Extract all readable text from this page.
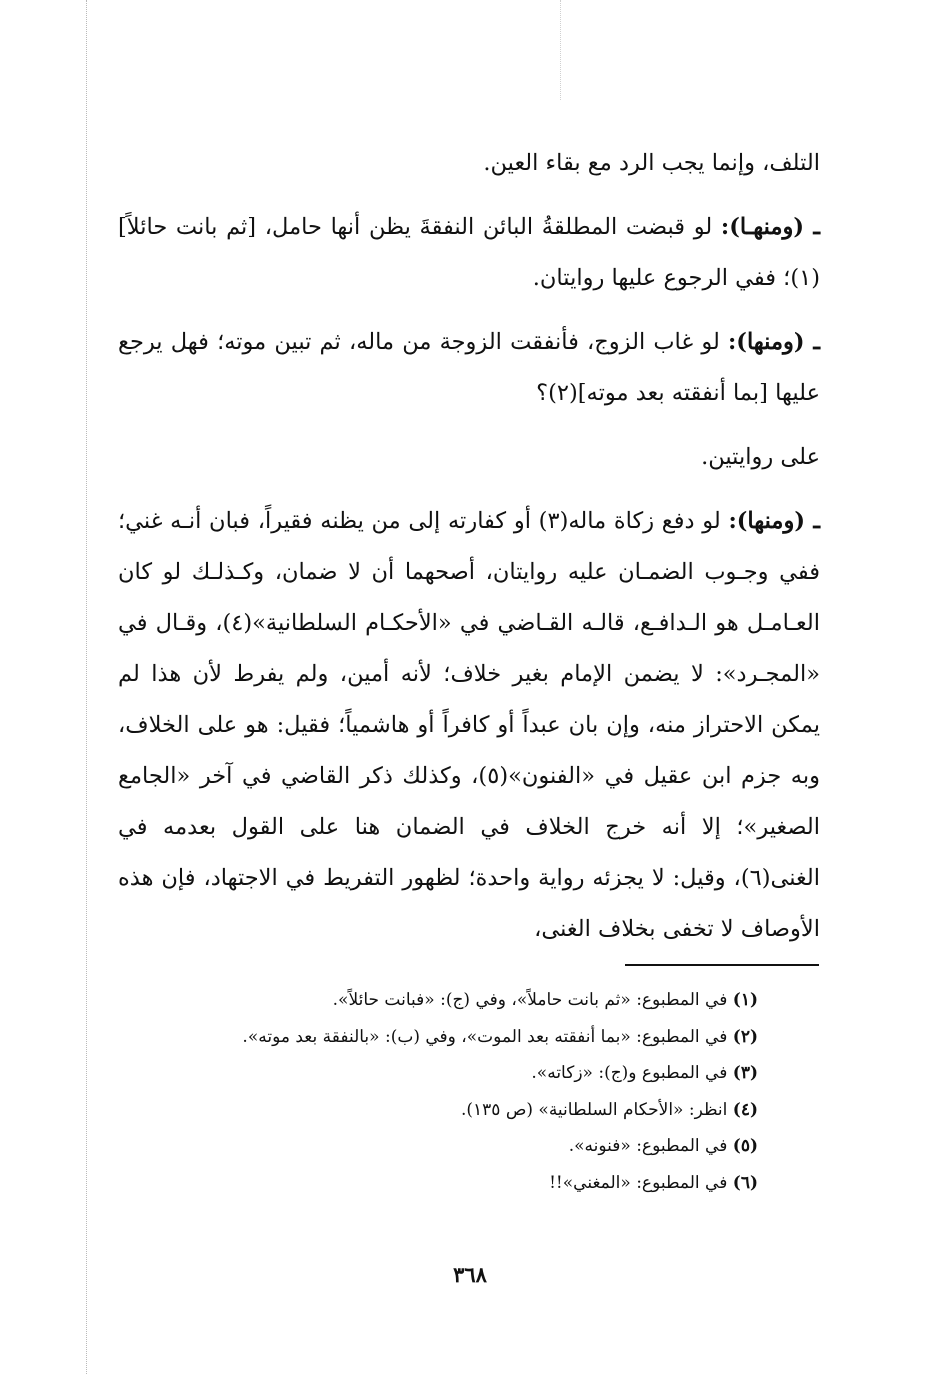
التلف، وإنما يجب الرد مع بقاء العين.

ـ (ومنهـا): لو قبضت المطلقةُ البائن النفقةَ يظن أنها حامل، [ثم بانت حائلاً](١)؛ ففي الرجوع عليها روايتان.

ـ (ومنها): لو غاب الزوج، فأنفقت الزوجة من ماله، ثم تبين موته؛ فهل يرجع عليها [بما أنفقته بعد موته](٢)؟

على روايتين.

ـ (ومنها): لو دفع زكاة ماله(٣) أو كفارته إلى من يظنه فقيراً، فبان أنـه غني؛ ففي وجـوب الضمـان عليه روايتان، أصحهما أن لا ضمان، وكـذلـك لو كان العـامـل هو الـدافـع، قالـه القـاضي في «الأحكـام السلطانية»(٤)، وقـال في «المجـرد»: لا يضمن الإمام بغير خلاف؛ لأنه أمين، ولم يفرط لأن هذا لم يمكن الاحتراز منه، وإن بان عبداً أو كافراً أو هاشمياً؛ فقيل: هو على الخلاف، وبه جزم ابن عقيل في «الفنون»(٥)، وكذلك ذكر القاضي في آخر «الجامع الصغير»؛ إلا أنه خرج الخلاف في الضمان هنا على القول بعدمه في الغنى(٦)، وقيل: لا يجزئه رواية واحدة؛ لظهور التفريط في الاجتهاد، فإن هذه الأوصاف لا تخفى بخلاف الغنى،

(١) في المطبوع: «ثم بانت حاملاً»، وفي (ج): «فبانت حائلاً».
(٢) في المطبوع: «بما أنفقته بعد الموت»، وفي (ب): «بالنفقة بعد موته».
(٣) في المطبوع و(ج): «زكاته».
(٤) انظر: «الأحكام السلطانية» (ص ١٣٥).
(٥) في المطبوع: «فنونه».
(٦) في المطبوع: «المغني»!!
٣٦٨
